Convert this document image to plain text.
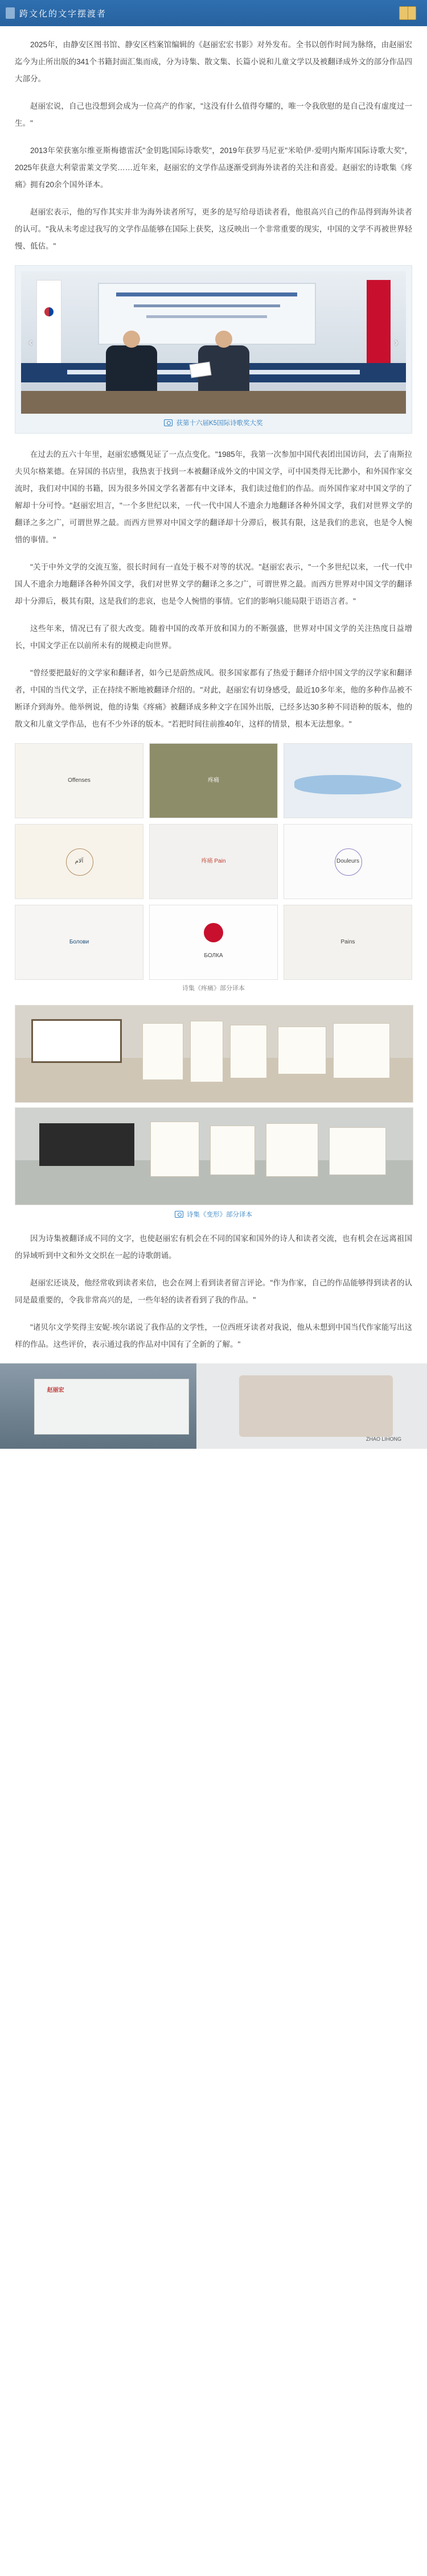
跨文化的文字摆渡者

2025年，由静安区图书馆、静安区档案馆编辑的《赵丽宏宏书影》对外发布。全书以创作时间为脉络，由赵丽宏迄今为止所出版的341个书籍封面汇集而成，分为诗集、散文集、长篇小说和儿童文学以及被翻译成外文的部分作品四大部分。

赵丽宏说，自己也没想到会成为一位高产的作家，"这没有什么值得夸耀的，唯一令我欣慰的是自己没有虚度过一生。"

2013年荣获塞尔维亚斯梅德雷沃"金钥匙国际诗歌奖"，2019年获罗马尼亚"米哈伊·爱明内斯库国际诗歌大奖"，2025年获意大利蒙雷莱文学奖……近年来，赵丽宏的文学作品逐渐受到海外读者的关注和喜爱。赵丽宏的诗歌集《疼痛》拥有20余个国外译本。

赵丽宏表示，他的写作其实并非为海外读者所写，更多的是写给母语读者看，他很高兴自己的作品得到海外读者的认可。"我从未考虑过我写的文学作品能够在国际上获奖，这反映出一个非常重要的现实，中国的文学不再被世界轻慢、低估。"

‹	›
获第十六届K5国际诗歌奖大奖

在过去的五六十年里，赵丽宏感慨见证了一点点变化。"1985年，我第一次参加中国代表团出国访问，去了南斯拉夫贝尔格莱德。在异国的书店里，我热衷于找到一本被翻译成外文的中国文学，可中国类得无比渺小，和外国作家交流时，我们对中国的书籍，因为很多外国文学名著都有中文译本，我们读过他们的作品。而外国作家对中国文学的了解却十分可怜。"赵丽宏坦言，"一个多世纪以来，一代一代中国人不遗余力地翻译各种外国文学，我们对世界文学的翻译之多之广，可谓世界之最。而西方世界对中国文学的翻译却十分滞后，极其有限，这是我们的悲哀，也是令人惋惜的事情。"

"关于中外文学的交流互鉴，很长时间有一直处于极不对等的状况。"赵丽宏表示，"一个多世纪以来，一代一代中国人不遗余力地翻译各种外国文学，我们对世界文学的翻译之多之广，可谓世界之最。而西方世界对中国文学的翻译却十分滞后，极其有限，这是我们的悲哀，也是令人惋惜的事情。它们的影响只能局限于语语言者。"

这些年来，情况已有了很大改变。随着中国的改革开放和国力的不断强盛，世界对中国文学的关注热度日益增长，中国文学正在以前所未有的规模走向世界。

"曾经要把最好的文学家和翻译者，如今已是蔚然成风。很多国家都有了热爱于翻译介绍中国文学的汉学家和翻译者，中国的当代文学，正在持续不断地被翻译介绍的。"对此，赵丽宏有切身感受，最近10多年来，他的多种作品被不断译介到海外。他举例说，他的诗集《疼痛》被翻译成多种文字在国外出版，已经多达30多种不同语种的版本，他的散文和儿童文学作品，也有不少外译的版本。"若把时间往前推40年，这样的情景，根本无法想象。"

Offenses	疼痛
آلام	疼痛 Pain	Douleurs
Болови
БОЛКА
Pains
诗集《疼痛》部分译本
诗集《变形》部分译本

因为诗集被翻译成不同的文字，也使赵丽宏有机会在不同的国家和国外的诗人和读者交流，也有机会在远离祖国的异域听到中文和外文交织在一起的诗歌朗诵。

赵丽宏还谈及，他经常收到读者来信，也会在网上看到读者留言评论。"作为作家，自己的作品能够得到读者的认同是最重要的，令我非常高兴的是，一些年轻的读者看到了我的作品。"

"诸贝尔文学奖得主安妮·埃尔诺说了我作品的文学性，一位西班牙读者对我说，他从未想到中国当代作家能写出这样的作品。这些评价，表示通过我的作品对中国有了全新的了解。"

赵丽宏
ZHAO LIHONG
